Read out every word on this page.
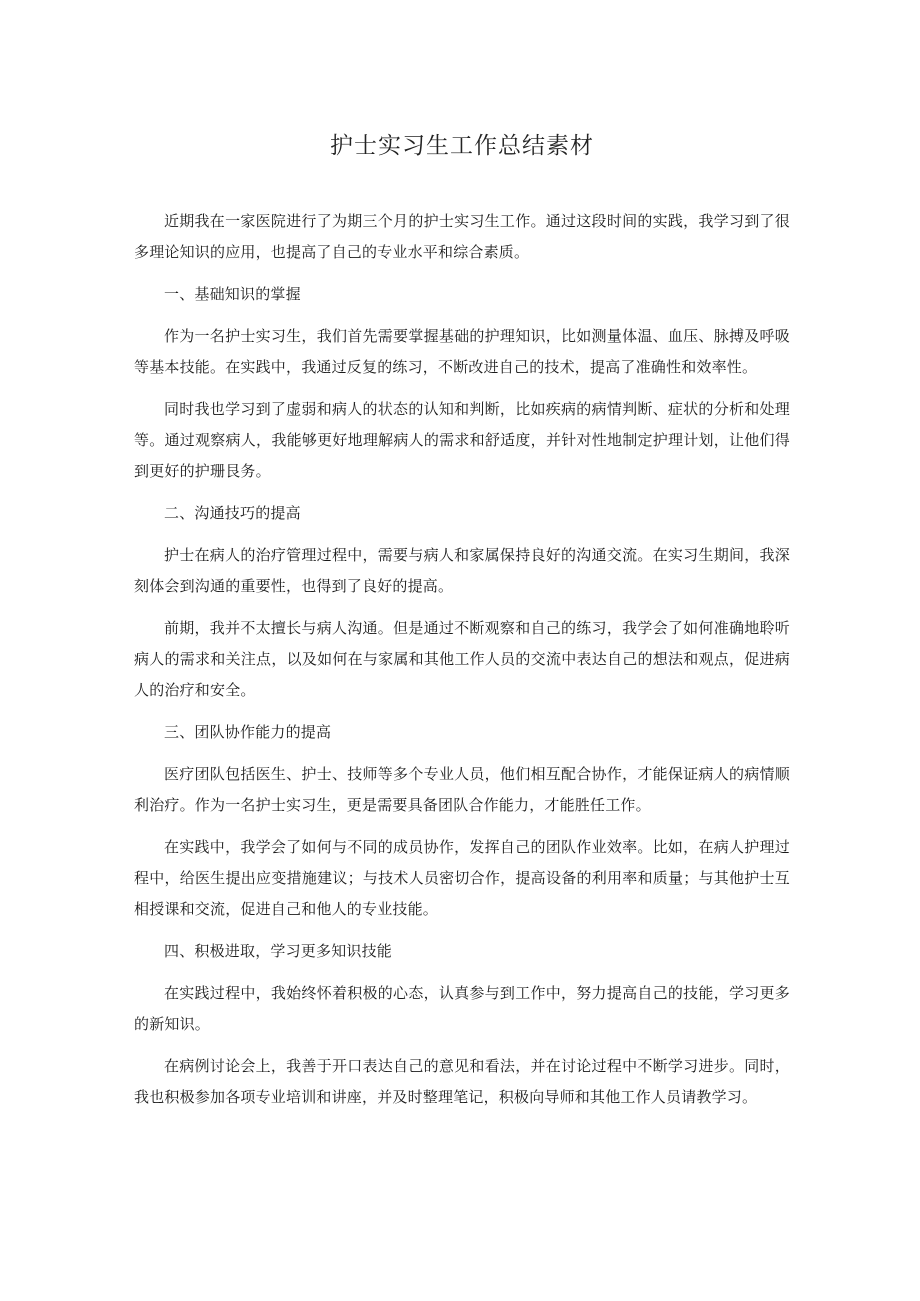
护士实习生工作总结素材

近期我在一家医院进行了为期三个月的护士实习生工作。通过这段时间的实践，我学习到了很多理论知识的应用，也提高了自己的专业水平和综合素质。

一、基础知识的掌握

作为一名护士实习生，我们首先需要掌握基础的护理知识，比如测量体温、血压、脉搏及呼吸等基本技能。在实践中，我通过反复的练习，不断改进自己的技术，提高了准确性和效率性。

同时我也学习到了虚弱和病人的状态的认知和判断，比如疾病的病情判断、症状的分析和处理等。通过观察病人，我能够更好地理解病人的需求和舒适度，并针对性地制定护理计划，让他们得到更好的护珊艮务。

二、沟通技巧的提高

护士在病人的治疗管理过程中，需要与病人和家属保持良好的沟通交流。在实习生期间，我深刻体会到沟通的重要性，也得到了良好的提高。

前期，我并不太擅长与病人沟通。但是通过不断观察和自己的练习，我学会了如何准确地聆听病人的需求和关注点，以及如何在与家属和其他工作人员的交流中表达自己的想法和观点，促进病人的治疗和安全。

三、团队协作能力的提高

医疗团队包括医生、护士、技师等多个专业人员，他们相互配合协作，才能保证病人的病情顺利治疗。作为一名护士实习生，更是需要具备团队合作能力，才能胜任工作。

在实践中，我学会了如何与不同的成员协作，发挥自己的团队作业效率。比如，在病人护理过程中，给医生提出应变措施建议；与技术人员密切合作，提高设备的利用率和质量；与其他护士互相授课和交流，促进自己和他人的专业技能。

四、积极进取，学习更多知识技能

在实践过程中，我始终怀着积极的心态，认真参与到工作中，努力提高自己的技能，学习更多的新知识。

在病例讨论会上，我善于开口表达自己的意见和看法，并在讨论过程中不断学习进步。同时，我也积极参加各项专业培训和讲座，并及时整理笔记，积极向导师和其他工作人员请教学习。
